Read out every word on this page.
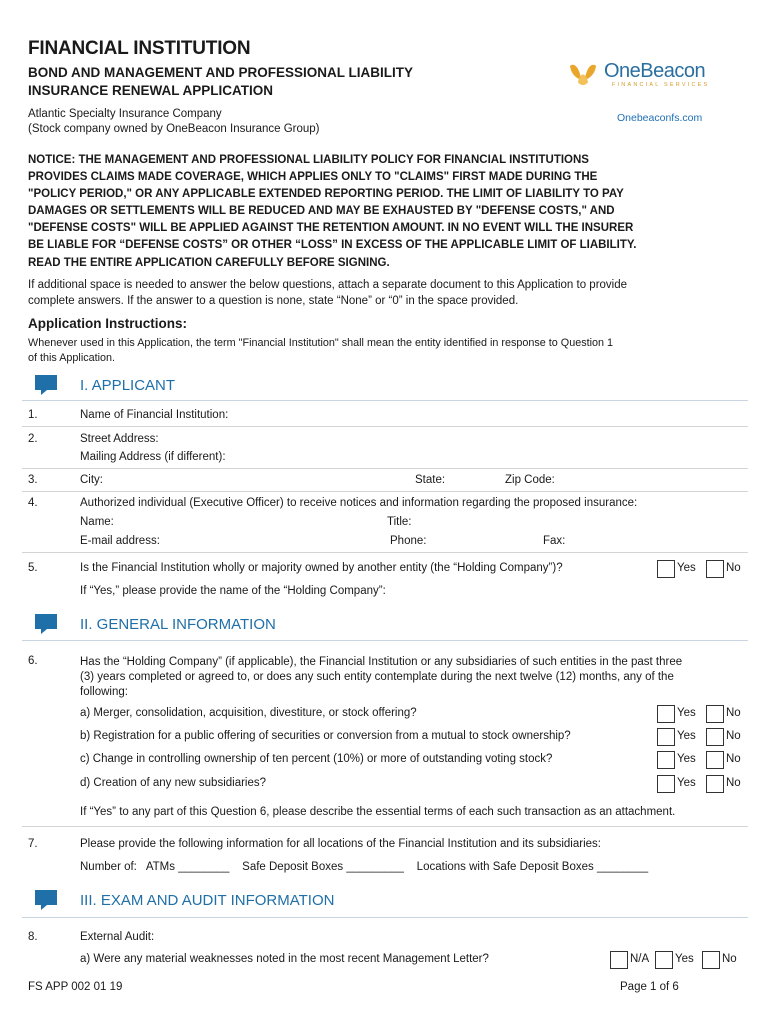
FINANCIAL INSTITUTION
BOND AND MANAGEMENT AND PROFESSIONAL LIABILITY
INSURANCE RENEWAL APPLICATION
Atlantic Specialty Insurance Company
(Stock company owned by OneBeacon Insurance Group)
OneBeacon
FINANCIAL SERVICES
Onebeaconfs.com
NOTICE: THE MANAGEMENT AND PROFESSIONAL LIABILITY POLICY FOR FINANCIAL INSTITUTIONS
PROVIDES CLAIMS MADE COVERAGE, WHICH APPLIES ONLY TO "CLAIMS" FIRST MADE DURING THE
"POLICY PERIOD," OR ANY APPLICABLE EXTENDED REPORTING PERIOD. THE LIMIT OF LIABILITY TO PAY
DAMAGES OR SETTLEMENTS WILL BE REDUCED AND MAY BE EXHAUSTED BY "DEFENSE COSTS," AND
"DEFENSE COSTS" WILL BE APPLIED AGAINST THE RETENTION AMOUNT. IN NO EVENT WILL THE INSURER
BE LIABLE FOR “DEFENSE COSTS” OR OTHER “LOSS” IN EXCESS OF THE APPLICABLE LIMIT OF LIABILITY.
READ THE ENTIRE APPLICATION CAREFULLY BEFORE SIGNING.
If additional space is needed to answer the below questions, attach a separate document to this Application to provide
complete answers. If the answer to a question is none, state “None” or “0” in the space provided.
Application Instructions:
Whenever used in this Application, the term "Financial Institution" shall mean the entity identified in response to Question 1
of this Application.
I. APPLICANT
1.	Name of Financial Institution:
2.	Street Address:
Mailing Address (if different):
3.	City:	State:	Zip Code:
4.	Authorized individual (Executive Officer) to receive notices and information regarding the proposed insurance:
Name:	Title:
E-mail address:	Phone:	Fax:
5.	Is the Financial Institution wholly or majority owned by another entity (the “Holding Company”)?	Yes	No
If “Yes,” please provide the name of the “Holding Company”:
II. GENERAL INFORMATION
6.	Has the “Holding Company” (if applicable), the Financial Institution or any subsidiaries of such entities in the past three
(3) years completed or agreed to, or does any such entity contemplate during the next twelve (12) months, any of the
following:
a) Merger, consolidation, acquisition, divestiture, or stock offering?	Yes	No
b) Registration for a public offering of securities or conversion from a mutual to stock ownership?	Yes	No
c) Change in controlling ownership of ten percent (10%) or more of outstanding voting stock?	Yes	No
d) Creation of any new subsidiaries?	Yes	No
If “Yes” to any part of this Question 6, please describe the essential terms of each such transaction as an attachment.
7.	Please provide the following information for all locations of the Financial Institution and its subsidiaries:
Number of:   ATMs ________    Safe Deposit Boxes _________    Locations with Safe Deposit Boxes ________
III. EXAM AND AUDIT INFORMATION
8.	External Audit:
a) Were any material weaknesses noted in the most recent Management Letter?	N/A Yes No
FS APP 002 01 19	Page 1 of 6
